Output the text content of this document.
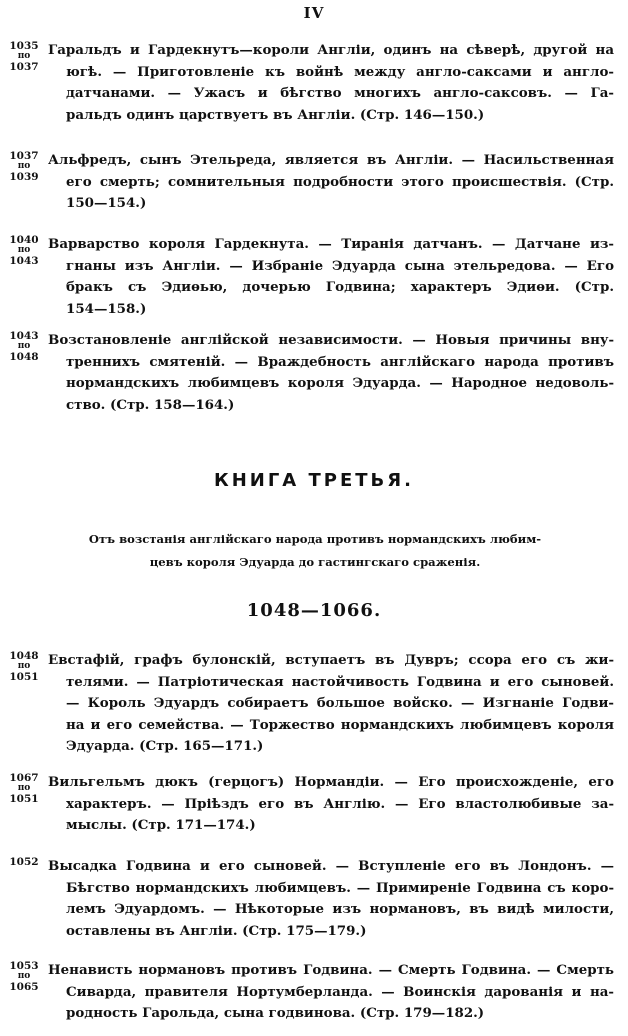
IV
1035
по
1037
Гаральдъ и Гардекнутъ—короли Англіи, одинъ на сѣверѣ, другой на
югѣ. — Приготовленіе къ войнѣ между англо-саксами и англо-
датчанами. — Ужасъ и бѣгство многихъ англо-саксовъ. — Га-
ральдъ одинъ царствуетъ въ Англіи. (Стр. 146—150.)
1037
по
1039
Альфредъ, сынъ Этельреда, является въ Англіи. — Насильственная
его смерть; сомнительныя подробности этого происшествія. (Стр.
150—154.)
1040
по
1043
Варварство короля Гардекнута. — Тиранія датчанъ. — Датчане из-
гнаны изъ Англіи. — Избраніе Эдуарда сына этельредова. — Его
бракъ съ Эдиѳью, дочерью Годвина; характеръ Эдиѳи. (Стр.
154—158.)
1043
по
1048
Возстановленіе англійской независимости. — Новыя причины вну-
треннихъ смятеній. — Враждебность англійскаго народа противъ
нормандскихъ любимцевъ короля Эдуарда. — Народное недоволь-
ство. (Стр. 158—164.)
КНИГА ТРЕТЬЯ.
Отъ возстанія англійскаго народа противъ нормандскихъ любим-
цевъ короля Эдуарда до гастингскаго сраженія.
1048—1066.
1048
по
1051
Евстафій, графъ булонскій, вступаетъ въ Дувръ; ссора его съ жи-
телями. — Патріотическая настойчивость Годвина и его сыновей.
— Король Эдуардъ собираетъ большое войско. — Изгнаніе Годви-
на и его семейства. — Торжество нормандскихъ любимцевъ короля
Эдуарда. (Стр. 165—171.)
1067
по
1051
Вильгельмъ дюкъ (герцогъ) Нормандіи. — Его происхожденіе, его
характеръ. — Пріѣздъ его въ Англію. — Его властолюбивые за-
мыслы. (Стр. 171—174.)
1052 Высадка Годвина и его сыновей. — Вступленіе его въ Лондонъ. —
Бѣгство нормандскихъ любимцевъ. — Примиреніе Годвина съ коро-
лемъ Эдуардомъ. — Нѣкоторые изъ нормановъ, въ видѣ милости,
оставлены въ Англіи. (Стр. 175—179.)
1053
по
1065
Ненависть нормановъ противъ Годвина. — Смерть Годвина. — Смерть
Сиварда, правителя Нортумберланда. — Воинскія дарованія и на-
родность Гарольда, сына годвинова. (Стр. 179—182.)
